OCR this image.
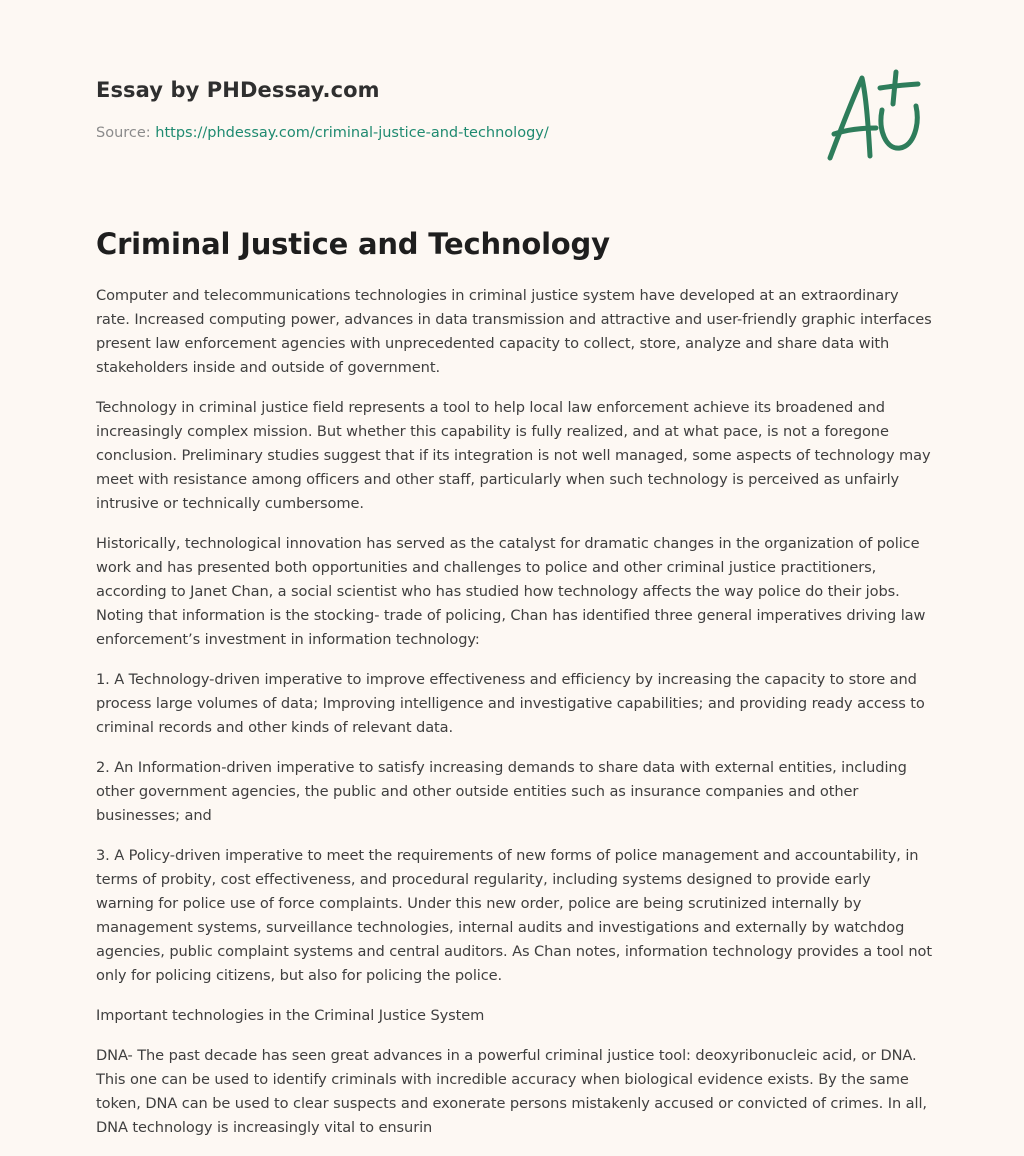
Essay by PHDessay.com
Source: https://phdessay.com/criminal-justice-and-technology/
Criminal Justice and Technology

Computer and telecommunications technologies in criminal justice system have developed at an extraordinary rate. Increased computing power, advances in data transmission and attractive and user-friendly graphic interfaces present law enforcement agencies with unprecedented capacity to collect, store, analyze and share data with stakeholders inside and outside of government.

Technology in criminal justice field represents a tool to help local law enforcement achieve its broadened and increasingly complex mission. But whether this capability is fully realized, and at what pace, is not a foregone conclusion. Preliminary studies suggest that if its integration is not well managed, some aspects of technology may meet with resistance among officers and other staff, particularly when such technology is perceived as unfairly intrusive or technically cumbersome.

Historically, technological innovation has served as the catalyst for dramatic changes in the organization of police work and has presented both opportunities and challenges to police and other criminal justice practitioners, according to Janet Chan, a social scientist who has studied how technology affects the way police do their jobs. Noting that information is the stocking- trade of policing, Chan has identified three general imperatives driving law enforcement’s investment in information technology:

1. A Technology-driven imperative to improve effectiveness and efficiency by increasing the capacity to store and process large volumes of data; Improving intelligence and investigative capabilities; and providing ready access to criminal records and other kinds of relevant data.

2. An Information-driven imperative to satisfy increasing demands to share data with external entities, including other government agencies, the public and other outside entities such as insurance companies and other businesses; and

3. A Policy-driven imperative to meet the requirements of new forms of police management and accountability, in terms of probity, cost effectiveness, and procedural regularity, including systems designed to provide early warning for police use of force complaints. Under this new order, police are being scrutinized internally by management systems, surveillance technologies, internal audits and investigations and externally by watchdog agencies, public complaint systems and central auditors. As Chan notes, information technology provides a tool not only for policing citizens, but also for policing the police.

Important technologies in the Criminal Justice System

DNA- The past decade has seen great advances in a powerful criminal justice tool: deoxyribonucleic acid, or DNA. This one can be used to identify criminals with incredible accuracy when biological evidence exists. By the same token, DNA can be used to clear suspects and exonerate persons mistakenly accused or convicted of crimes. In all, DNA technology is increasingly vital to ensurin
